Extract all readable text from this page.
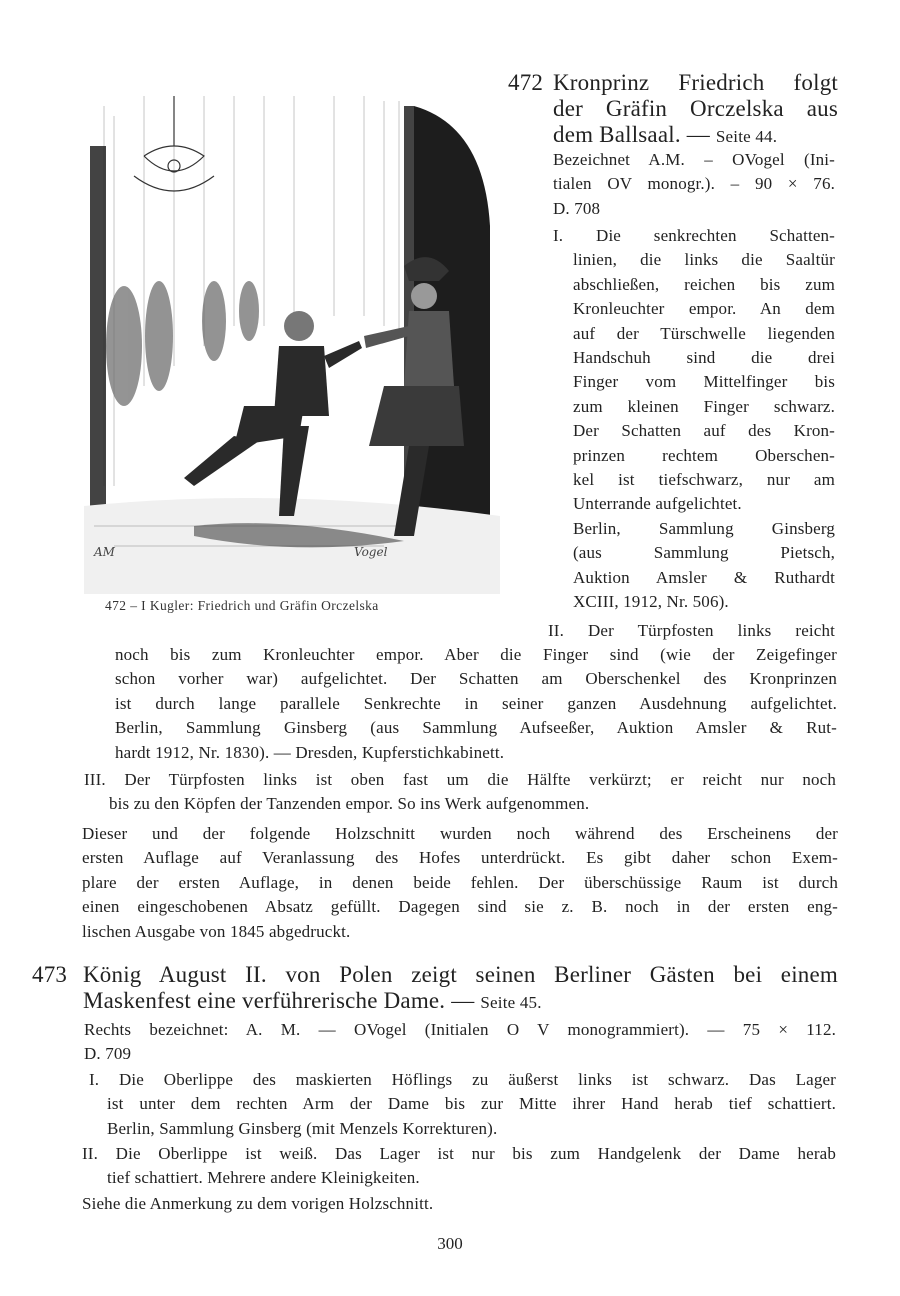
AM	Vogel
472 – I Kugler: Friedrich und Gräfin Orczelska
472 Kronprinz Friedrich folgt
der Gräfin Orczelska aus
dem Ballsaal. — Seite 44.
Bezeichnet A.M. – OVogel (Ini-
tialen OV monogr.). – 90 × 76.
D. 708
I. Die senkrechten Schatten-
linien, die links die Saaltür
abschließen, reichen bis zum
Kronleuchter empor. An dem
auf der Türschwelle liegenden
Handschuh sind die drei
Finger vom Mittelfinger bis
zum kleinen Finger schwarz.
Der Schatten auf des Kron-
prinzen rechtem Oberschen-
kel ist tiefschwarz, nur am
Unterrande aufgelichtet.
Berlin, Sammlung Ginsberg
(aus Sammlung Pietsch,
Auktion Amsler & Ruthardt
XCIII, 1912, Nr. 506).
II. Der Türpfosten links reicht
noch bis zum Kronleuchter empor. Aber die Finger sind (wie der Zeigefinger
schon vorher war) aufgelichtet. Der Schatten am Oberschenkel des Kronprinzen
ist durch lange parallele Senkrechte in seiner ganzen Ausdehnung aufgelichtet.
Berlin, Sammlung Ginsberg (aus Sammlung Aufseeßer, Auktion Amsler & Rut-
hardt 1912, Nr. 1830). — Dresden, Kupferstichkabinett.
III. Der Türpfosten links ist oben fast um die Hälfte verkürzt; er reicht nur noch
bis zu den Köpfen der Tanzenden empor. So ins Werk aufgenommen.
Dieser und der folgende Holzschnitt wurden noch während des Erscheinens der
ersten Auflage auf Veranlassung des Hofes unterdrückt. Es gibt daher schon Exem-
plare der ersten Auflage, in denen beide fehlen. Der überschüssige Raum ist durch
einen eingeschobenen Absatz gefüllt. Dagegen sind sie z. B. noch in der ersten eng-
lischen Ausgabe von 1845 abgedruckt.
473 König August II. von Polen zeigt seinen Berliner Gästen bei einem
Maskenfest eine verführerische Dame. — Seite 45.
Rechts bezeichnet: A. M. — OVogel (Initialen O V monogrammiert). — 75 × 112.
D. 709
I. Die Oberlippe des maskierten Höflings zu äußerst links ist schwarz. Das Lager
ist unter dem rechten Arm der Dame bis zur Mitte ihrer Hand herab tief schattiert.
Berlin, Sammlung Ginsberg (mit Menzels Korrekturen).
II. Die Oberlippe ist weiß. Das Lager ist nur bis zum Handgelenk der Dame herab
tief schattiert. Mehrere andere Kleinigkeiten.
Siehe die Anmerkung zu dem vorigen Holzschnitt.
300
